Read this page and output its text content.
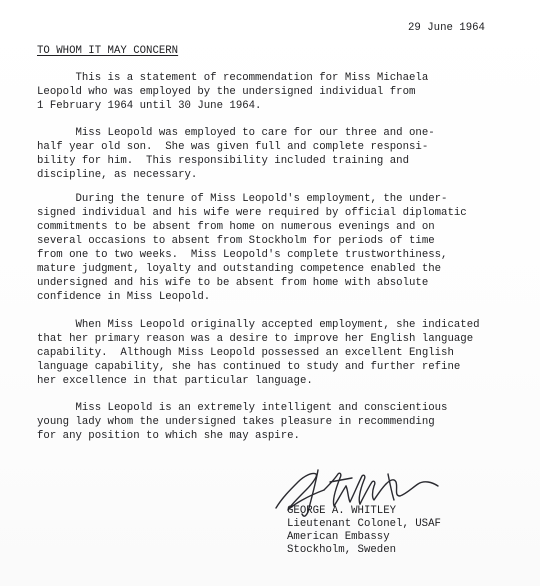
29 June 1964
TO WHOM IT MAY CONCERN
This is a statement of recommendation for Miss Michaela
Leopold who was employed by the undersigned individual from
1 February 1964 until 30 June 1964.
Miss Leopold was employed to care for our three and one-
half year old son.  She was given full and complete responsi-
bility for him.  This responsibility included training and
discipline, as necessary.
During the tenure of Miss Leopold's employment, the under-
signed individual and his wife were required by official diplomatic
commitments to be absent from home on numerous evenings and on
several occasions to absent from Stockholm for periods of time
from one to two weeks.  Miss Leopold's complete trustworthiness,
mature judgment, loyalty and outstanding competence enabled the
undersigned and his wife to be absent from home with absolute
confidence in Miss Leopold.
When Miss Leopold originally accepted employment, she indicated
that her primary reason was a desire to improve her English language
capability.  Although Miss Leopold possessed an excellent English
language capability, she has continued to study and further refine
her excellence in that particular language.
Miss Leopold is an extremely intelligent and conscientious
young lady whom the undersigned takes pleasure in recommending
for any position to which she may aspire.
GEORGE A. WHITLEY
Lieutenant Colonel, USAF
American Embassy
Stockholm, Sweden
